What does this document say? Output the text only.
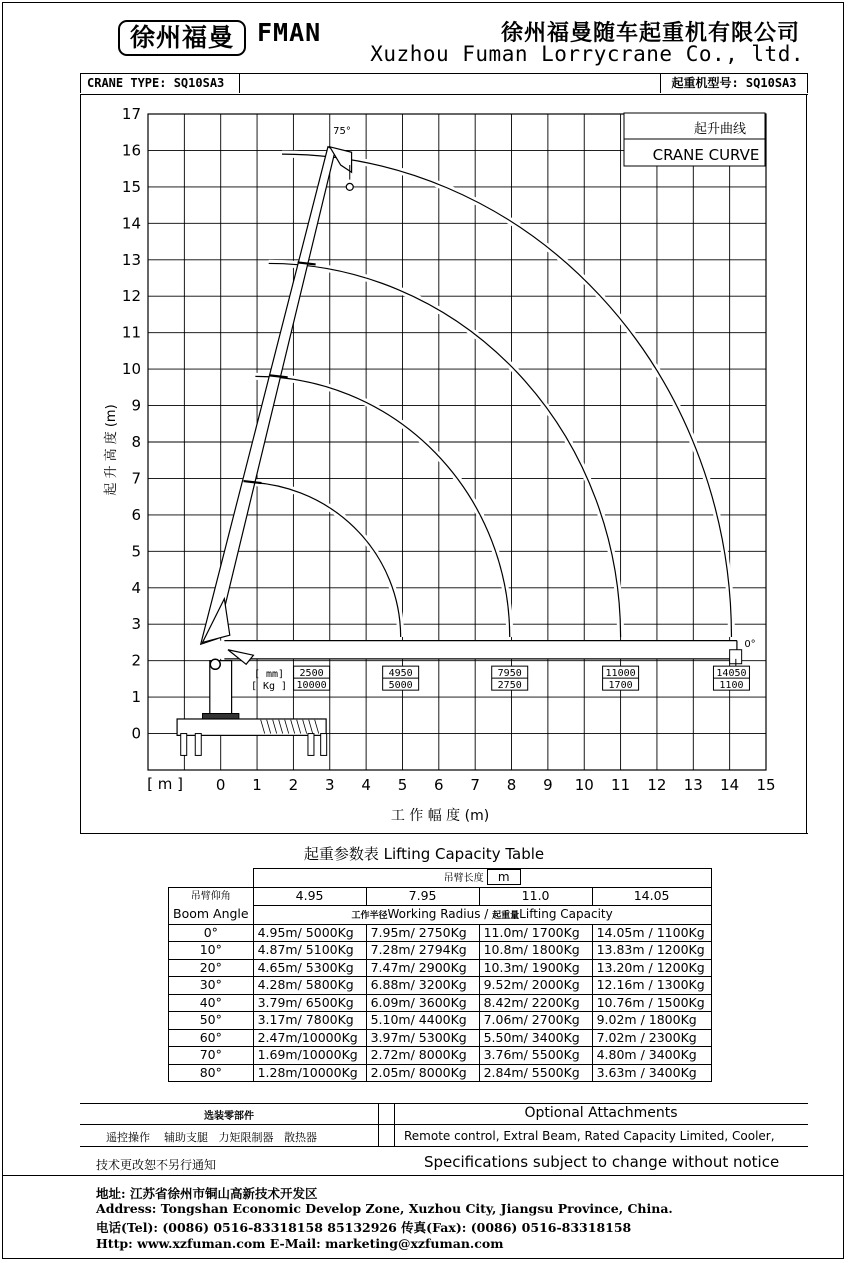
徐州福曼 FMAN	徐州福曼随车起重机有限公司
Xuzhou Fuman Lorrycrane Co., ltd.
CRANE TYPE: SQ10SA3	起重机型号: SQ10SA3
0 1 2 3 4 5 6 7 8 9 10 11 12 13 14 15
0
1
2
3
4
5
6
7
8
9
10
11
12
13
14
15
16
17
2500
10000
4950
5000
7950
2750
11000
1700
14050
1100
起升曲线
CRANE CURVE
工 作 幅 度 (m)
起 升 高 度 (m)
[ m ]
75°
0°
[ mm]
[ Kg ]
起重参数表 Lifting Capacity Table
	吊臂长度 m			
吊臂仰角	4.95	7.95	11.0	14.05
Boom Angle	工作半径Working Radius / 起重量Lifting Capacity			
0°	4.95m/ 5000Kg	7.95m/ 2750Kg	11.0m/ 1700Kg	14.05m / 1100Kg
10°	4.87m/ 5100Kg	7.28m/ 2794Kg	10.8m/ 1800Kg	13.83m / 1200Kg
20°	4.65m/ 5300Kg	7.47m/ 2900Kg	10.3m/ 1900Kg	13.20m / 1200Kg
30°	4.28m/ 5800Kg	6.88m/ 3200Kg	9.52m/ 2000Kg	12.16m / 1300Kg
40°	3.79m/ 6500Kg	6.09m/ 3600Kg	8.42m/ 2200Kg	10.76m / 1500Kg
50°	3.17m/ 7800Kg	5.10m/ 4400Kg	7.06m/ 2700Kg	9.02m / 1800Kg
60°	2.47m/10000Kg	3.97m/ 5300Kg	5.50m/ 3400Kg	7.02m / 2300Kg
70°	1.69m/10000Kg	2.72m/ 8000Kg	3.76m/ 5500Kg	4.80m / 3400Kg
80°	1.28m/10000Kg	2.05m/ 8000Kg	2.84m/ 5500Kg	3.63m / 3400Kg
选装零部件
遥控操作    辅助支腿   力矩限制器   散热器
Optional Attachments
Remote control, Extral Beam, Rated Capacity Limited, Cooler,
技术更改恕不另行通知	Specifications subject to change without notice
地址: 江苏省徐州市铜山高新技术开发区
Address: Tongshan Economic Develop Zone, Xuzhou City, Jiangsu Province, China.
电话(Tel): (0086) 0516-83318158 85132926 传真(Fax): (0086) 0516-83318158
Http: www.xzfuman.com E-Mail: marketing@xzfuman.com
